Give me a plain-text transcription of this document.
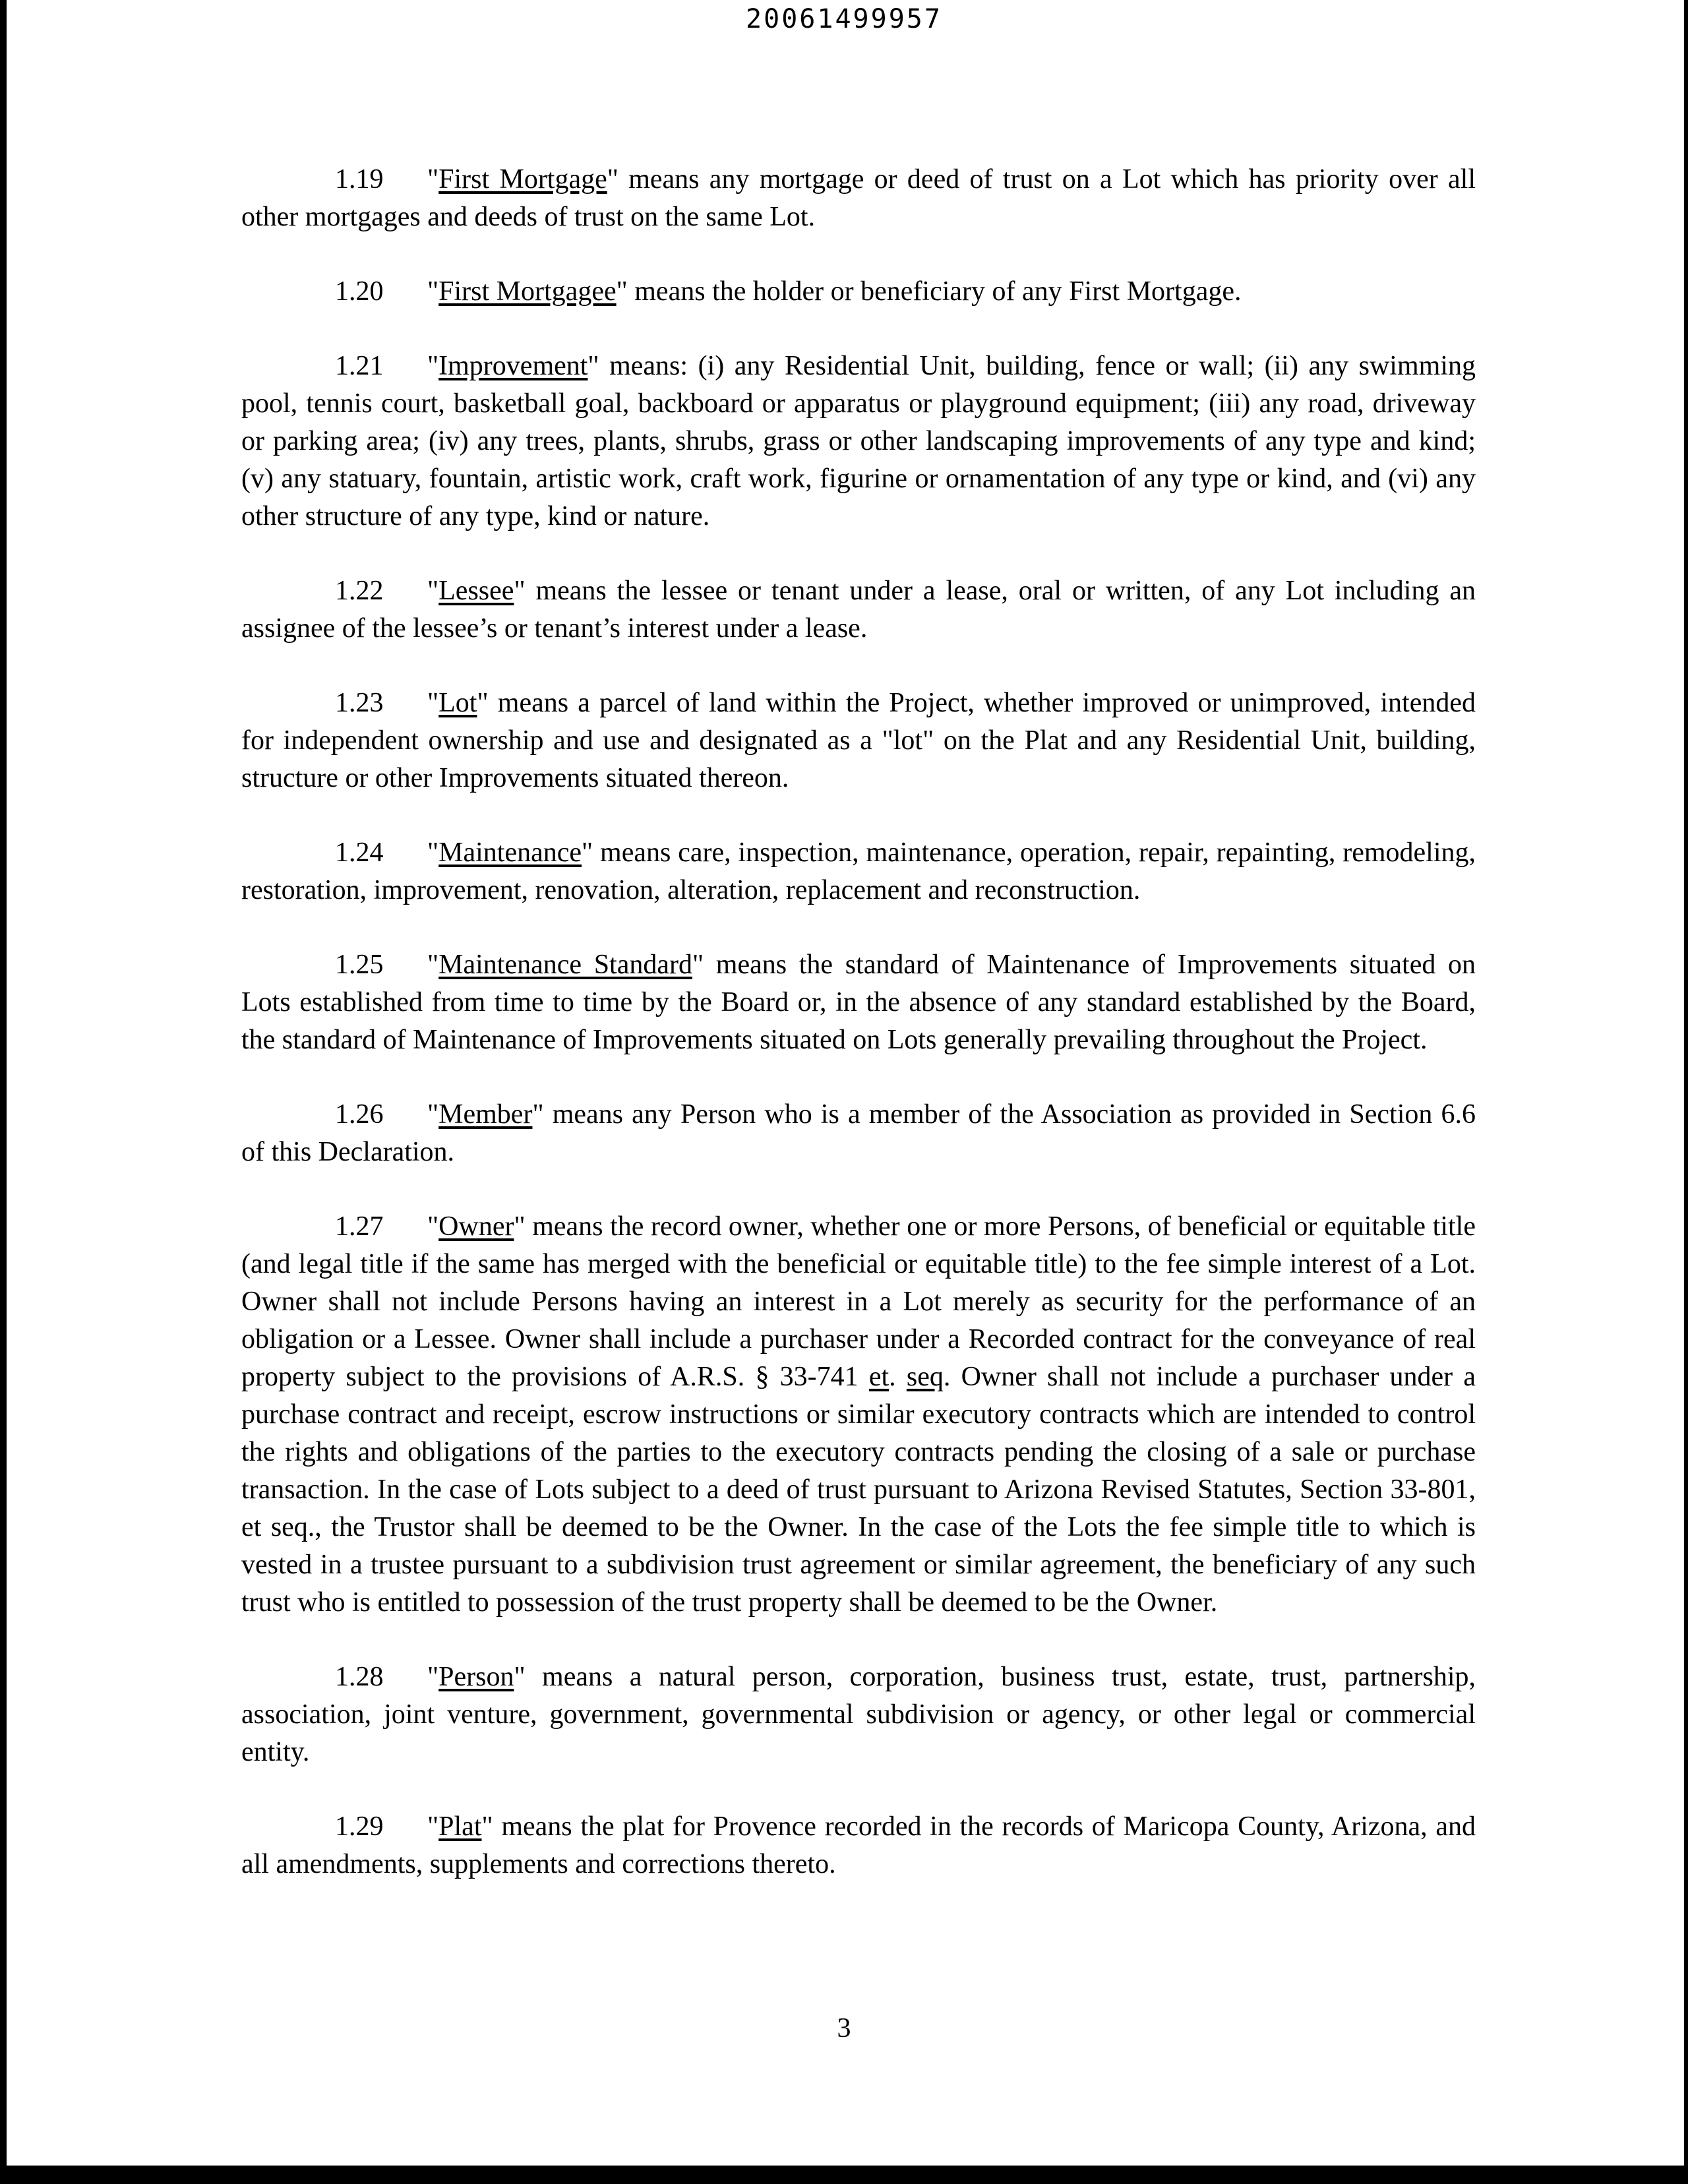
20061499957

1.19 "First Mortgage" means any mortgage or deed of trust on a Lot which has priority over all other mortgages and deeds of trust on the same Lot.

1.20 "First Mortgagee" means the holder or beneficiary of any First Mortgage.

1.21 "Improvement" means: (i) any Residential Unit, building, fence or wall; (ii) any swimming pool, tennis court, basketball goal, backboard or apparatus or playground equipment; (iii) any road, driveway or parking area; (iv) any trees, plants, shrubs, grass or other landscaping improvements of any type and kind; (v) any statuary, fountain, artistic work, craft work, figurine or ornamentation of any type or kind, and (vi) any other structure of any type, kind or nature.

1.22 "Lessee" means the lessee or tenant under a lease, oral or written, of any Lot including an assignee of the lessee’s or tenant’s interest under a lease.

1.23 "Lot" means a parcel of land within the Project, whether improved or unimproved, intended for independent ownership and use and designated as a "lot" on the Plat and any Residential Unit, building, structure or other Improvements situated thereon.

1.24 "Maintenance" means care, inspection, maintenance, operation, repair, repainting, remodeling, restoration, improvement, renovation, alteration, replacement and reconstruction.

1.25 "Maintenance Standard" means the standard of Maintenance of Improvements situated on Lots established from time to time by the Board or, in the absence of any standard established by the Board, the standard of Maintenance of Improvements situated on Lots generally prevailing throughout the Project.

1.26 "Member" means any Person who is a member of the Association as provided in Section 6.6 of this Declaration.

1.27 "Owner" means the record owner, whether one or more Persons, of beneficial or equitable title (and legal title if the same has merged with the beneficial or equitable title) to the fee simple interest of a Lot. Owner shall not include Persons having an interest in a Lot merely as security for the performance of an obligation or a Lessee. Owner shall include a purchaser under a Recorded contract for the conveyance of real property subject to the provisions of A.R.S. § 33-741 et. seq. Owner shall not include a purchaser under a purchase contract and receipt, escrow instructions or similar executory contracts which are intended to control the rights and obligations of the parties to the executory contracts pending the closing of a sale or purchase transaction. In the case of Lots subject to a deed of trust pursuant to Arizona Revised Statutes, Section 33-801, et seq., the Trustor shall be deemed to be the Owner. In the case of the Lots the fee simple title to which is vested in a trustee pursuant to a subdivision trust agreement or similar agreement, the beneficiary of any such trust who is entitled to possession of the trust property shall be deemed to be the Owner.

1.28 "Person" means a natural person, corporation, business trust, estate, trust, partnership, association, joint venture, government, governmental subdivision or agency, or other legal or commercial entity.

1.29 "Plat" means the plat for Provence recorded in the records of Maricopa County, Arizona, and all amendments, supplements and corrections thereto.

3
